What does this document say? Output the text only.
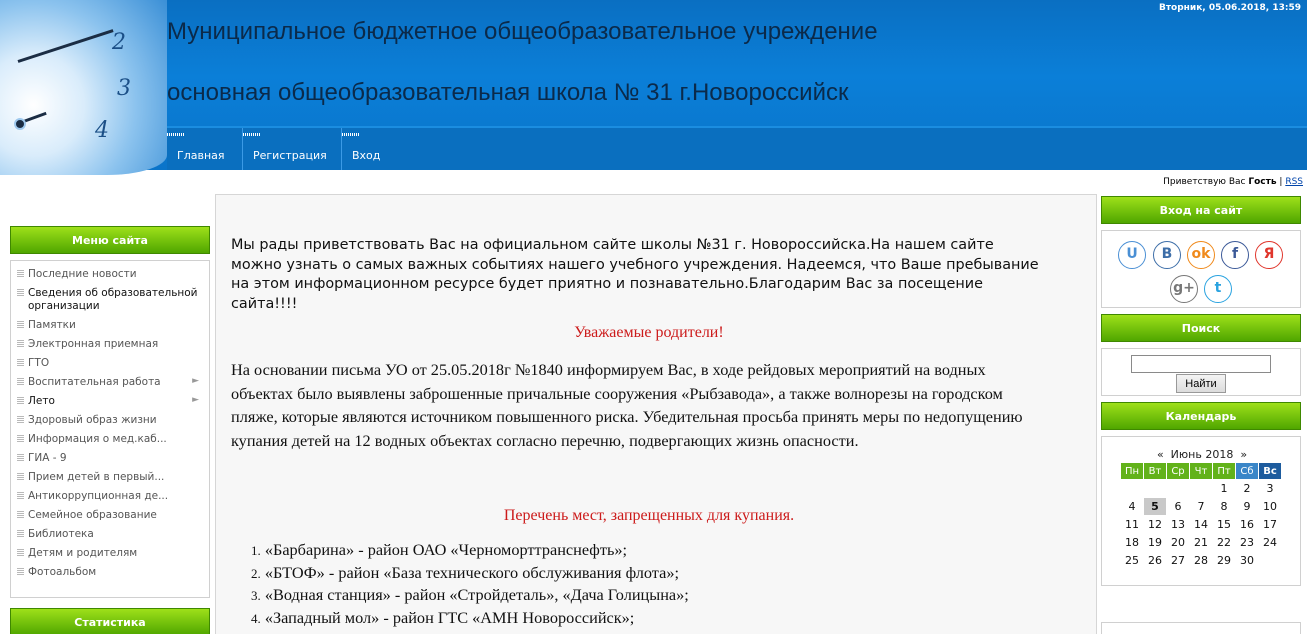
2
3
4
Муниципальное бюджетное общеобразовательное учреждение
основная общеобразовательная школа № 31 г.Новороссийск
Вторник, 05.06.2018, 13:59
Главная	Регистрация	Вход
Приветствую Вас Гость | RSS
Меню сайта
Последние новости
Сведения об образовательной организации
Памятки
Электронная приемная
ГТО
Воспитательная работа	►
Лето	►
Здоровый образ жизни
Информация о мед.каб...
ГИА - 9
Прием детей в первый...
Антикоррупционная де...
Семейное образование
Библиотека
Детям и родителям
Фотоальбом
Статистика
Мы рады приветствовать Вас на официальном сайте школы №31 г. Новороссийска.На нашем сайте можно узнать о самых важных событиях нашего учебного учреждения. Надеемся, что Ваше пребывание на этом информационном ресурсе будет приятно и познавательно.Благодарим Вас за посещение сайта!!!!
Уважаемые родители!
На основании письма УО от 25.05.2018г №1840 информируем Вас, в ходе рейдовых мероприятий на водных объектах было выявлены заброшенные причальные сооружения «Рыбзавода», а также волнорезы на городском пляже, которые являются источником повышенного риска. Убедительная просьба принять меры по недопущению купания детей на 12 водных объектах согласно перечню, подвергающих жизнь опасности.
Перечень мест, запрещенных для купания.
1. «Барбарина» - район ОАО «Черноморттранснефть»;
2. «БТОФ» - район «База технического обслуживания флота»;
3. «Водная станция» - район «Стройдеталь», «Дача Голицына»;
4. «Западный мол» - район ГТС «АМН Новороссийск»;
Вход на сайт
U	B	ok	f	Я
g+	t
Поиск
Найти
Календарь
« Июнь 2018 »
Пн	Вт	Ср	Чт	Пт	Сб	Вс
				1	2	3
4	5	6	7	8	9	10
11	12	13	14	15	16	17
18	19	20	21	22	23	24
25	26	27	28	29	30	
